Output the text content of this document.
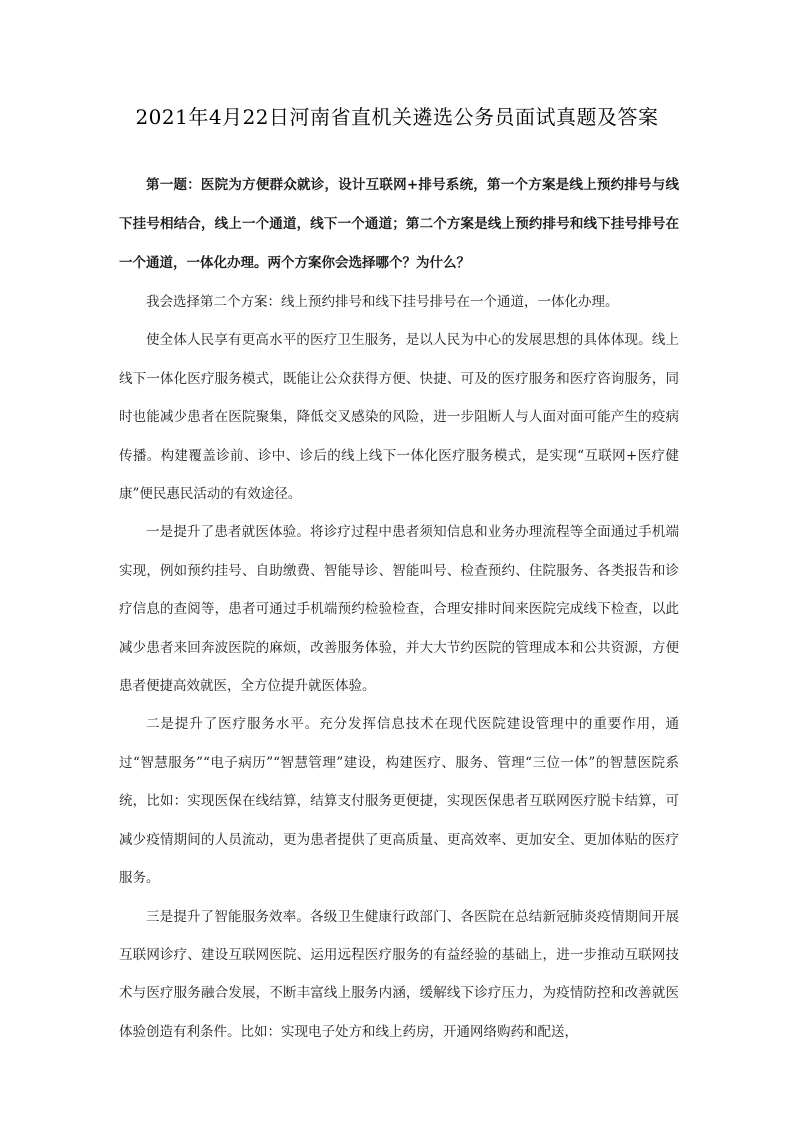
2021年4月22日河南省直机关遴选公务员面试真题及答案

第一题：医院为方便群众就诊，设计互联网+排号系统，第一个方案是线上预约排号与线下挂号相结合，线上一个通道，线下一个通道；第二个方案是线上预约排号和线下挂号排号在一个通道，一体化办理。两个方案你会选择哪个？为什么？

我会选择第二个方案：线上预约排号和线下挂号排号在一个通道，一体化办理。

使全体人民享有更高水平的医疗卫生服务，是以人民为中心的发展思想的具体体现。线上线下一体化医疗服务模式，既能让公众获得方便、快捷、可及的医疗服务和医疗咨询服务，同时也能减少患者在医院聚集，降低交叉感染的风险，进一步阻断人与人面对面可能产生的疫病传播。构建覆盖诊前、诊中、诊后的线上线下一体化医疗服务模式，是实现“互联网+医疗健康”便民惠民活动的有效途径。

一是提升了患者就医体验。将诊疗过程中患者须知信息和业务办理流程等全面通过手机端实现，例如预约挂号、自助缴费、智能导诊、智能叫号、检查预约、住院服务、各类报告和诊疗信息的查阅等，患者可通过手机端预约检验检查，合理安排时间来医院完成线下检查，以此减少患者来回奔波医院的麻烦，改善服务体验，并大大节约医院的管理成本和公共资源，方便患者便捷高效就医，全方位提升就医体验。

二是提升了医疗服务水平。充分发挥信息技术在现代医院建设管理中的重要作用，通过“智慧服务”“电子病历”“智慧管理”建设，构建医疗、服务、管理“三位一体”的智慧医院系统，比如：实现医保在线结算，结算支付服务更便捷，实现医保患者互联网医疗脱卡结算，可减少疫情期间的人员流动，更为患者提供了更高质量、更高效率、更加安全、更加体贴的医疗服务。

三是提升了智能服务效率。各级卫生健康行政部门、各医院在总结新冠肺炎疫情期间开展互联网诊疗、建设互联网医院、运用远程医疗服务的有益经验的基础上，进一步推动互联网技术与医疗服务融合发展，不断丰富线上服务内涵，缓解线下诊疗压力，为疫情防控和改善就医体验创造有利条件。比如：实现电子处方和线上药房，开通网络购药和配送，
